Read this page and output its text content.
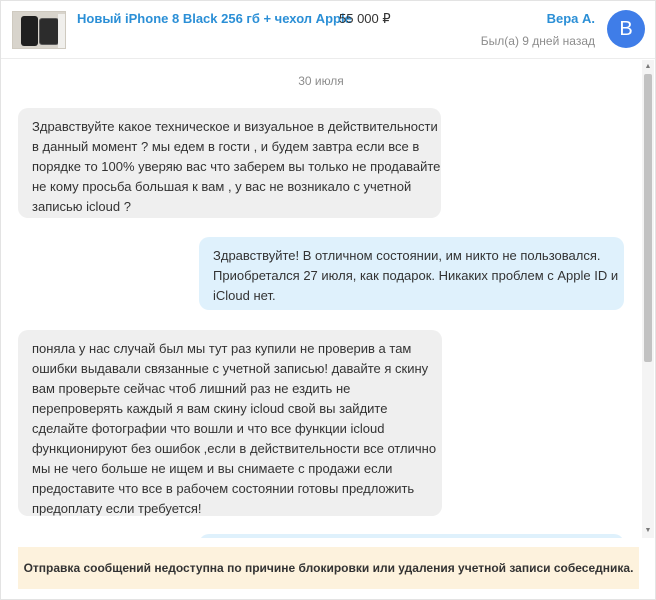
Новый iPhone 8 Black 256 гб + чехол Apple
55 000 ₽	Вера А.
Был(а) 9 дней назад
B
30 июля

Здравствуйте какое техническое и визуальное в действительности

в данный момент ? мы едем в гости , и будем завтра если все в

порядке то 100% уверяю вас что заберем вы только не продавайте

не кому просьба большая к вам , у вас не возникало с учетной

записью icloud ?

Здравствуйте! В отличном состоянии, им никто не пользовался.

Приобретался 27 июля, как подарок. Никаких проблем с Apple ID и

iCloud нет.

поняла у нас случай был мы тут раз купили не проверив а там

ошибки выдавали связанные с учетной записью! давайте я скину

вам проверьте сейчас чтоб лишний раз не ездить не

перепроверять каждый я вам скину icloud свой вы зайдите

сделайте фотографии что вошли и что все функции icloud

функционируют без ошибок ,если в действительности все отлично

мы не чего больше не ищем и вы снимаете с продажи если

предоставите что все в рабочем состоянии готовы предложить

предоплату если требуется!

▲
▼
Отправка сообщений недоступна по причине блокировки или удаления учетной записи собеседника.
